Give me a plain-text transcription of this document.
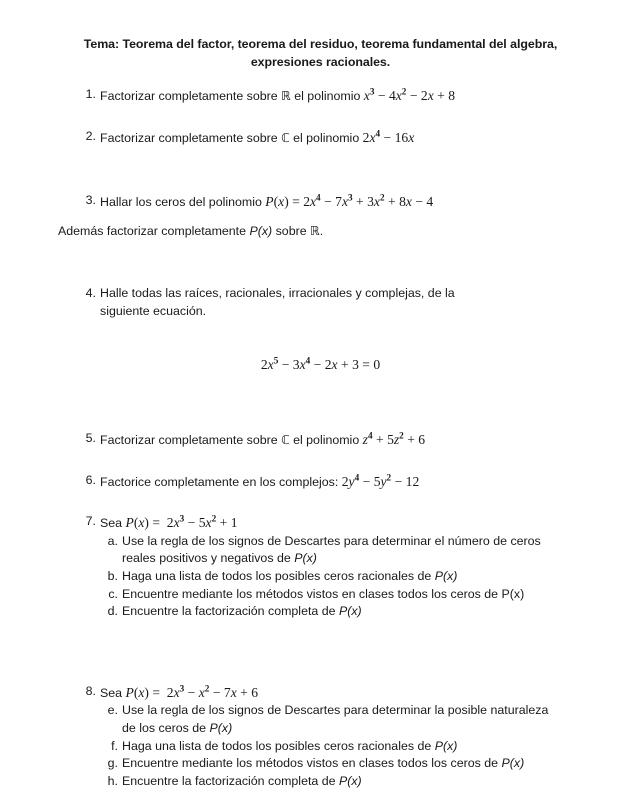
Tema: Teorema del factor, teorema del residuo, teorema fundamental del algebra, expresiones racionales.
1. Factorizar completamente sobre ℝ el polinomio $x^3 - 4x^2 - 2x + 8$
2. Factorizar completamente sobre ℂ el polinomio $2x^4 - 16x$
3. Hallar los ceros del polinomio $P(x) = 2x^4 - 7x^3 + 3x^2 + 8x - 4$
Además factorizar completamente P(x) sobre ℝ.
4. Halle todas las raíces, racionales, irracionales y complejas, de la siguiente ecuación.
$2x^5 - 3x^4 - 2x + 3 = 0$
5. Factorizar completamente sobre ℂ el polinomio $z^4 + 5z^2 + 6$
6. Factorice completamente en los complejos: $2y^4 - 5y^2 - 12$
7. Sea $P(x) = 2x^3 - 5x^2 + 1$
a. Use la regla de los signos de Descartes para determinar el número de ceros reales positivos y negativos de P(x)
b. Haga una lista de todos los posibles ceros racionales de P(x)
c. Encuentre mediante los métodos vistos en clases todos los ceros de P(x)
d. Encuentre la factorización completa de P(x)
8. Sea $P(x) = 2x^3 - x^2 - 7x + 6$
e. Use la regla de los signos de Descartes para determinar la posible naturaleza de los ceros de P(x)
f. Haga una lista de todos los posibles ceros racionales de P(x)
g. Encuentre mediante los métodos vistos en clases todos los ceros de P(x)
h. Encuentre la factorización completa de P(x)
